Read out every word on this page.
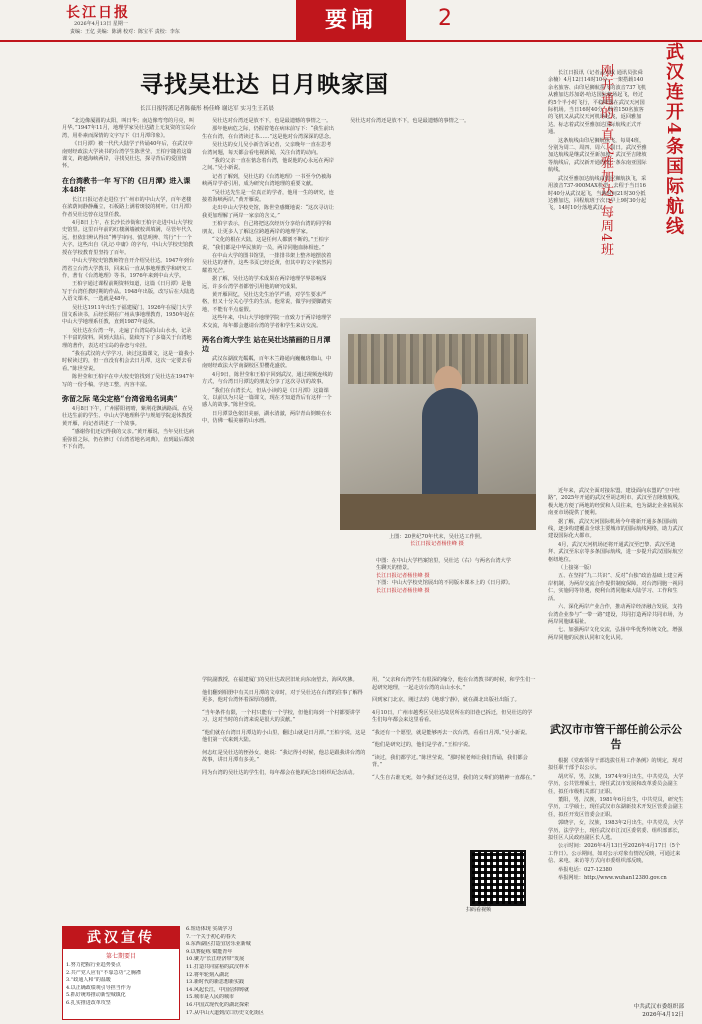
长江日报
2026年4月13日 星期一
责编：王亿 美编：陈满 校对：陈宝平 责校：李东	要闻	2
寻找吴壮达 日月映家国
长江日报特派记者陈薇彤 杨佳峰 谢达军 实习生王若晨

“北边像厦圆的太阳，叫日华；南边像弯弯的月亮，叫月华。”1947年11月，地理学家吴壮达踏上无复资的宝岛台湾，用朴素而深情的文字写下《日月潭印象》。

《日月潭》被一代代大陆学子传诵40年后，在武汉中南财经政法大学读书的台湾学生陈世莹，王柏宇随着这篇课文，跨越海峡两岸，寻找吴壮达，探寻背后的爱国情怀。

在台湾教书一年 写下的《日月潭》进入课本48年

长江日报记者走进位于广州市的中山大学，百年老楼在浓荫间静静矗立，石板路上满着斑驳的树叶。《日月潭》作者吴壮达曾在这里任教。

4月8日上午，在长沙长沙街和王柏宇走进中山大学校史馆里。这里百年前的红楼满墙被校训填满，尽管年代久远，但依旧辨认得出“博学审问、慎思明辨、笃行”十一个大字。这些出自《礼记·中庸》的字句，中山大学校史馆教授在学校教育里坚持了百年。

中山大学校史馆教师符自开介绍吴壮达。1947年到台湾省立台湾大学教书，回来后一直从事地理教学和研究工作，著有《台湾地理》等书，1976年来到中山大学。

王柏宇通过课程前期资料知道，这篇《日月潭》是他写于台湾任教时期的作品。1948年出版，改写后在大陆选入语文课本，一选就是48年。

吴壮达1911年出生于福建厦门，1926年在厦门大学国文系读书，后经长期在广州从事地理教育，1950年起在中山大学地理系任教，直到1987年退休。

吴壮达在台湾一年，走遍了台湾岛的山山水水，记录下丰富的资料。回到大陆后，陆续写下了多篇关于台湾地理的著作，表达对宝岛的眷恋与牵挂。

“我在武汉的大学学习，读过这篇课文，这是一篇我小时候读过的，但一直没有机会去日月潭，这次一定要去看看。”陈世莹说。

陈世莹和王柏宇在中大校史馆找到了吴壮达在1947年写的一份手稿，字迹工整，内容丰富。

弥留之际 笔尖定格“台湾省地名词典”

4月8日下午，广州骄阳初晴，紫荆花飘满路面。在吴壮达生前的学生、中山大学地理科学与规划学院退休教授黄开雁，向记者讲述了一个故事。

“感谢你们还记得我的父亲。”黄开雁说，当年吴壮达病重弥留之际，仍在修订《台湾省地名词典》，直到最后都放不下台湾。

吴壮达对台湾还是放不下，也是最遗憾的事情之一。

那年他病危之际，仍握着笔在病床前写下：“我生前出生在台湾，在台湾读过书……”这是他对台湾深深的思念。

吴壮达的女儿吴小新告诉记者，父亲晚年一直在思考台湾问题，每天都会看电视新闻，关注台湾的动向。

“我的父亲一直在惦念着台湾，他说他的心永远在两岸之间。”吴小新说。

记者了解到，吴壮达的《台湾地理》一书至今仍被海峡两岸学者引用，成为研究台湾地理的重要文献。

“吴壮达先生是一位真正的学者，他用一生的研究，连接着海峡两岸。”黄开雁说。

走出中山大学校史馆，陈世莹感慨地说：“这次寻访让我更加理解了两岸一家亲的含义。”

王柏宇表示，自己将把这次经历分享给台湾的同学和朋友，让更多人了解这位跨越两岸的地理学家。

“文化的根在大陆，这是任何人都割不断的。”王柏宇说，“我们都是中华民族的一员，两岸同胞血脉相连。”

在中山大学的图书馆里，一排排书架上整齐地摆放着吴壮达的著作，这些书页已经泛黄，但其中的文字依然闪耀着光芒。

据了解，吴壮达的学术成果在两岸地理学界影响深远，许多台湾学者都曾引用他的研究成果。

黄开雁回忆，吴壮达先生治学严谨，对学生要求严格，但又十分关心学生的生活。他常说，做学问要脚踏实地，不能有半点虚假。

这些年来，中山大学地理学院一直致力于两岸地理学术交流，每年都会邀请台湾的学者和学生来访交流。

两名台湾大学生 站在吴壮达描画的日月潭边

武汉东湖波光粼粼，百年木兰路通向巍巍珞珈山，中南财经政法大学南湖校区里樱花盛放。

4月9日，陈世莹和王柏宇回到武汉，通过视频连线的方式，与台湾日月潭边的朋友分享了这次寻访的故事。

“我们在台湾长大，但从小读的是《日月潭》这篇课文，以前以为只是一篇课文，现在才知道背后有这样一个感人的故事。”陈世莹说。

日月潭景色依旧美丽，湖水清澈，两岸青山倒映在水中，仿佛一幅美丽的山水画。

吴壮达对台湾还是放不下，也是最遗憾的事情之一。

上图：20世纪70年代末，吴壮达工作照。
长江日报记者杨佳峰 摄
中图：在中山大学档案馆里，吴壮达（右）与两名台湾大学生聊天的情景。
长江日报记者杨佳峰 摄
下图：中山大学校史馆展出的不同版本课本上的《日月潭》。
长江日报记者杨佳峰 摄

学院副教授，在福建厦门的吴壮达故居旧址向东南望去，海风吹拂。

他们翻到相册中有关日月潭的文章时，对于吴壮达在台湾的往事了解得更多，他对台湾怀着深厚的感情。

“当年条件有限，一个村只能有一个学校，但他们每到一个村都要讲学习，这对当时的台湾来说是很大的贡献。”

“他们就在台湾日月潭边的小山里，翻过山就是日月潭。”王柏宇说，这是他们第一次来到大陆。

何志红是吴壮达的侄孙女，她说：“我记得小时候，他总是跟我讲台湾的故事，讲日月潭有多美。”

同为台湾的吴壮达的学生们，每年都会在他的纪念日组织纪念活动。

用，“父亲和台湾学生有很深的缘分，他在台湾教书的时候，和学生们一起研究地理，一起走访台湾的山山水水。”

回到家门北京，刚过去的《地球宁静》，就在湖北出版社出版了。

4月10日，广州市越秀区吴壮达故居所在的旧巷已拆迁，但吴壮达的学生们每年都会来这里看看。

“我还有一个愿望，就是能够再去一次台湾，看看日月潭。”吴小新说。

“他们是研究过的，他们是学者。”王柏宇说。

“读过，我们都学过。”陈世莹说，“那时候老师让我们背诵，我们都会背。”

“人生自古谁无死，如今我们还在这里，我们的父辈们的精神一直都在。”

扫码看视频
武汉连开4条国际航线
刚开通的“直飞雅加达”每周4班

长江日报讯（记者孟大成 通讯员张舜 余楠）4月12日14时10分，一架搭载140余名旅客、由印尼狮航执飞的波音737飞机从雅加达苏加诺-哈达国际机场起飞，经过约5个半小时飞行，平稳降落在武汉天河国际机场。当日16时40分，载着150名旅客的飞机又从武汉天河机场起飞，返回雅加达。标志着武汉至雅加达国际航线正式开通。

这条航线由印尼狮航执飞，每周4班，分别为周二、周四、周六、周日。武汉至雅加达航线是继武汉至新加坡、武汉至吉隆坡等航线后，武汉新开通的又一条东南亚国际航线。

武汉至雅加达航线由印尼狮航执飞，采用波音737-900MAX机型，去程于当日16时40分从武汉起飞，当地时间21时30分抵达雅加达，回程航班于次日早上9时30分起飞，14时10分落地武汉。

近年来，武汉全面对接东盟，建设面向东盟的“空中丝路”，2025年开通的武汉至胡志明市、武汉至吉隆坡航线，极大地方便了两地的经贸和人员往来，也为湖北企业拓展东南亚市场提供了便利。

据了解，武汉天河国际机场今年将新开通多条国际航线，逐步构建覆盖全球主要城市的国际航线网络，助力武汉建设国际化大都市。

4月，武汉天河机场还将开通武汉至巴黎、武汉至迪拜、武汉至东京等多条国际航线，进一步提升武汉国际航空枢纽地位。

（上接第一版）

五、在坚持“九二共识”、反对“台独”政治基础上建立两岸机制，为两岸交流合作提供制度保障，对台湾同胞一视同仁，实施同等待遇，便利台湾同胞来大陆学习、工作和生活。

六、深化两岸产业合作，推动两岸经济融合发展，支持台湾企业参与“一带一路”建设，共同打造两岸共同市场，为两岸同胞谋福祉。

七、加强两岸文化交流，弘扬中华优秀传统文化，增强两岸同胞的民族认同和文化认同。

武汉市市管干部任前公示公告

根据《党政领导干部选拔任用工作条例》的规定，现对拟任职干部予以公示。

胡庆军，男，汉族，1974年9月出生，中共党员，大学学历，公共管理硕士，现任武汉市发展和改革委员会副主任，拟任市级机关部门正职。

董阳，男，汉族，1981年6月出生，中共党员，研究生学历，工学硕士，现任武汉市东湖新技术开发区管委会副主任，拟任开发区管委会正职。

郭晓宇，女，汉族，1983年2月出生，中共党员，大学学历，法学学士，现任武汉市江汉区委常委、组织部部长，拟任区人民政府副区长人选。

公示时间：2026年4月13日至2026年4月17日（5个工作日）。公示期间，如对公示对象有情况反映，可通过来信、来电、来访等方式向市委组织部反映。

举报电话：027-12380

举报网址：http://www.wuhan12380.gov.cn

中共武汉市委组织部
2026年4月12日
武汉宣传
第七期要目
1.努力把握行业趋势要点
2.共产党人应有“不靠急功”之胸襟
3.“政通人和”的温暖
4.以正确政绩观引导担当作为
5.抓好统筹推动新型城镇化
6.扎实推进改革攻坚
6.短语体现 实战学习
7.一个关于初心的春天
8.东西湖区打造宜居乐业新城
9.以赛促练 赋能青年
10.聚力“长江经济带”发展
11.打造共同富裕的武汉样本
12.将年轮刻入湖北
13.新时代的新思想新实践
14.风起长江，中国信仰铸就
15.城市是人民的城市
16.中国式现代化的湖北探索
17.从中山大道到汉口历史文化街区
